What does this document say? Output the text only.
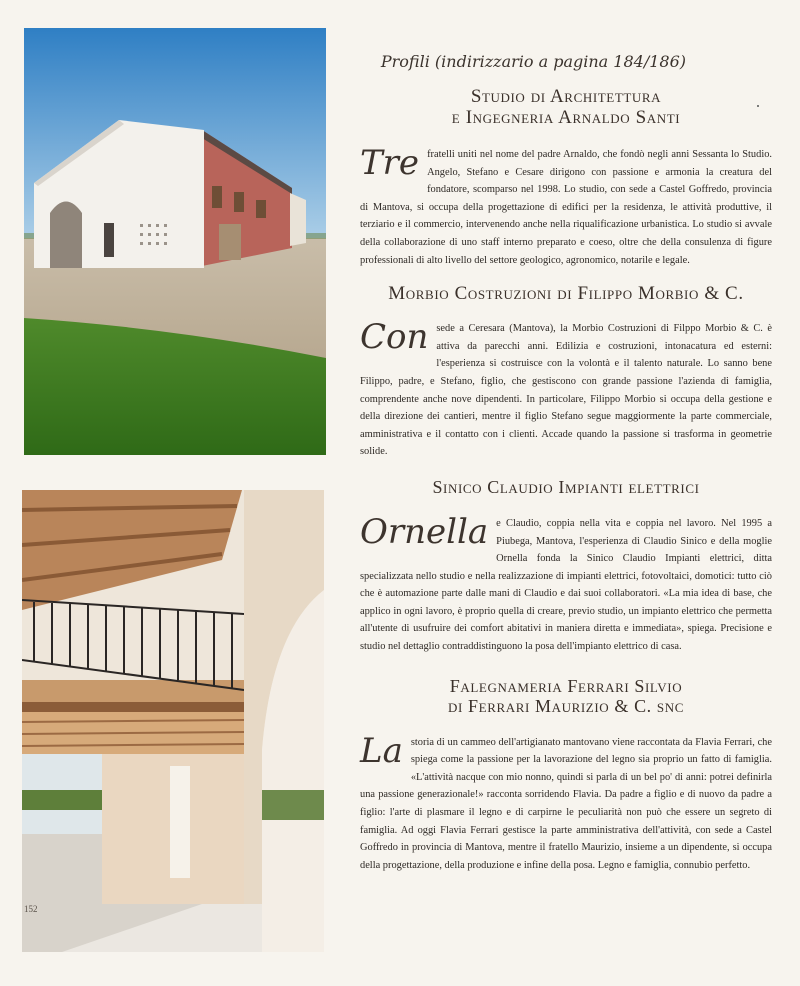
152
Profili (indirizzario a pagina 184/186)
Studio di Architettura
e Ingegneria Arnaldo Santi

Tre fratelli uniti nel nome del padre Arnaldo, che fondò negli anni Sessanta lo Studio. Angelo, Stefano e Cesare dirigono con passione e armonia la creatura del fondatore, scomparso nel 1998. Lo studio, con sede a Castel Goffredo, provincia di Mantova, si occupa della progettazione di edifici per la residenza, le attività produttive, il terziario e il commercio, intervenendo anche nella riqualificazione urbanistica. Lo studio si avvale della collaborazione di uno staff interno preparato e coeso, oltre che della consulenza di figure professionali di alto livello del settore geologico, agronomico, notarile e legale.

Morbio Costruzioni di Filippo Morbio & C.

Con sede a Ceresara (Mantova), la Morbio Costruzioni di Filppo Morbio & C. è attiva da parecchi anni. Edilizia e costruzioni, intonacatura ed esterni: l'esperienza si costruisce con la volontà e il talento naturale. Lo sanno bene Filippo, padre, e Stefano, figlio, che gestiscono con grande passione l'azienda di famiglia, comprendente anche nove dipendenti. In particolare, Filippo Morbio si occupa della gestione e della direzione dei cantieri, mentre il figlio Stefano segue maggiormente la parte commerciale, amministrativa e il contatto con i clienti. Accade quando la passione si trasforma in geometrie solide.

Sinico Claudio Impianti elettrici

Ornella e Claudio, coppia nella vita e coppia nel lavoro. Nel 1995 a Piubega, Mantova, l'esperienza di Claudio Sinico e della moglie Ornella fonda la Sinico Claudio Impianti elettrici, ditta specializzata nello studio e nella realizzazione di impianti elettrici, fotovoltaici, domotici: tutto ciò che è automazione parte dalle mani di Claudio e dai suoi collaboratori. «La mia idea di base, che applico in ogni lavoro, è proprio quella di creare, previo studio, un impianto elettrico che permetta all'utente di usufruire dei comfort abitativi in maniera diretta e immediata», spiega. Precisione e studio nel dettaglio contraddistinguono la posa dell'impianto elettrico di casa.

Falegnameria Ferrari Silvio
di Ferrari Maurizio & C. snc

La storia di un cammeo dell'artigianato mantovano viene raccontata da Flavia Ferrari, che spiega come la passione per la lavorazione del legno sia proprio un fatto di famiglia. «L'attività nacque con mio nonno, quindi si parla di un bel po' di anni: potrei definirla una passione generazionale!» racconta sorridendo Flavia. Da padre a figlio e di nuovo da padre a figlio: l'arte di plasmare il legno e di carpirne le peculiarità non può che essere un segreto di famiglia. Ad oggi Flavia Ferrari gestisce la parte amministrativa dell'attività, con sede a Castel Goffredo in provincia di Mantova, mentre il fratello Maurizio, insieme a un dipendente, si occupa della progettazione, della produzione e infine della posa. Legno e famiglia, connubio perfetto.
